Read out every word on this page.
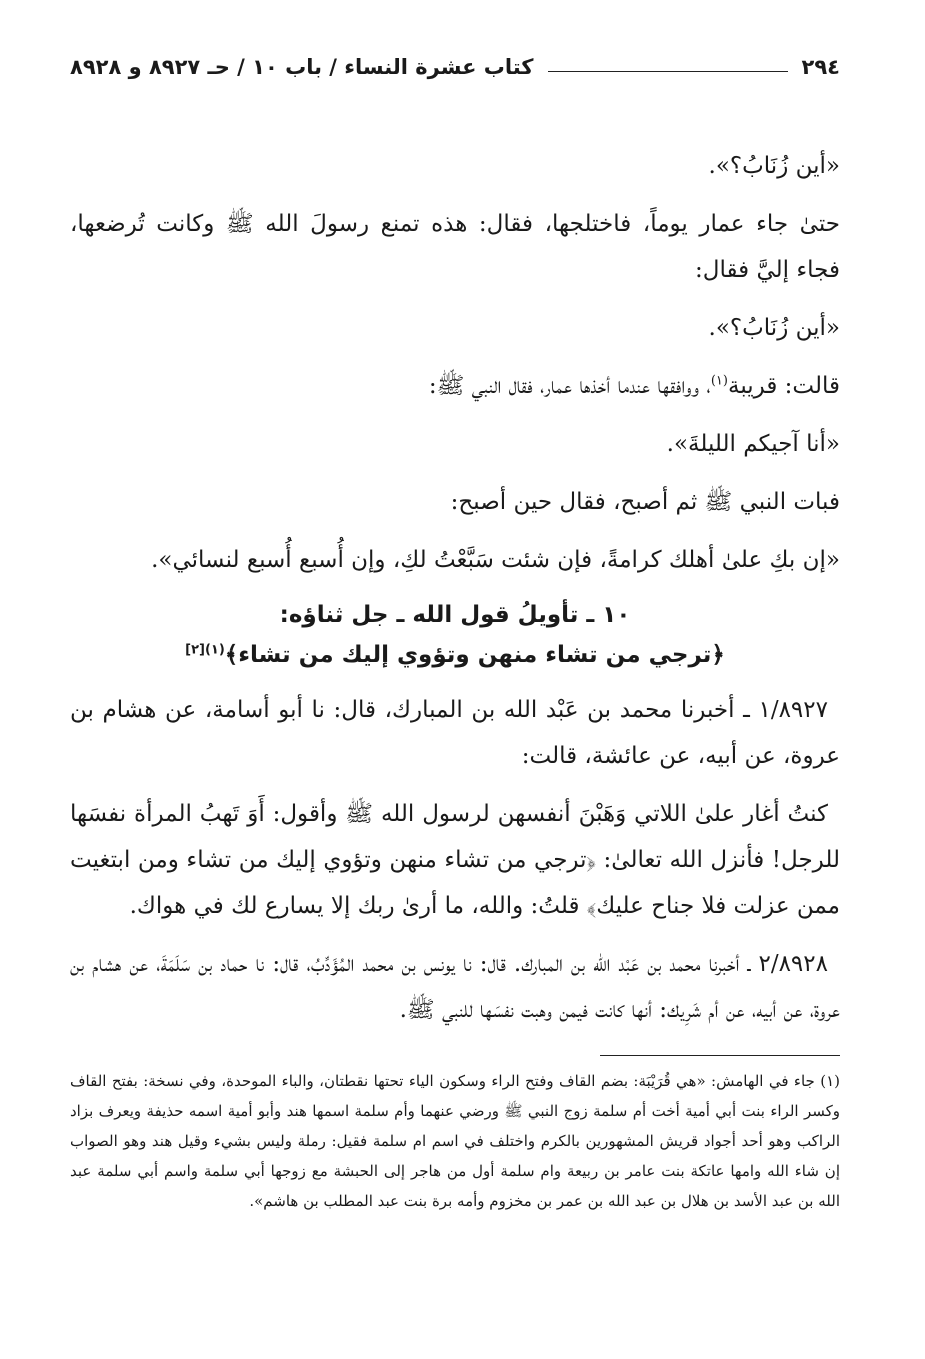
٢٩٤
كتاب عشرة النساء / باب ١٠ / حـ ٨٩٢٧ و ٨٩٢٨

«أين زُنَابُ؟».

حتىٰ جاء عمار يوماً، فاختلجها، فقال: هذه تمنع رسولَ الله ﷺ وكانت تُرضعها، فجاء إليَّ فقال:

«أين زُنَابُ؟».

قالت: قريبة$^{(١)}$، ووافقها عندما أخذها عمار، فقال النبي ﷺ:

«أنا آجيكم الليلةَ».

فبات النبي ﷺ ثم أصبح، فقال حين أصبح:

«إن بكِ علىٰ أهلك كرامةً، فإن شئت سَبَّعْتُ لكِ، وإن أُسبع أُسبع لنسائي».

١٠ ـ تأويلُ قول الله ـ جل ثناؤه:

﴿ترجي من تشاء منهن وتؤوي إليك من تشاء﴾$^{(١)[٢]}$

١/٨٩٢٧ ـ أخبرنا محمد بن عَبْد الله بن المبارك، قال: نا أبو أسامة، عن هشام بن عروة، عن أبيه، عن عائشة، قالت:

كنتُ أغار علىٰ اللاتي وَهَبْنَ أنفسهن لرسول الله ﷺ وأقول: أَوَ تَهبُ المرأة نفسَها للرجل! فأنزل الله تعالىٰ: ﴿ترجي من تشاء منهن وتؤوي إليك من تشاء ومن ابتغيت ممن عزلت فلا جناح عليك﴾ قلتُ: والله، ما أرىٰ ربك إلا يسارع لك في هواك.

٢/٨٩٢٨ ـ أخبرنا محمد بن عَبْد الله بن المبارك. قال: نا يونس بن محمد المُؤَدِّبُ، قال: نا حماد بن سَلَمَةَ، عن هشام بن عروة، عن أبيه، عن أم شَرِيك: أنها كانت فيمن وهبت نفسَها للنبي ﷺ.

(١) جاء في الهامش: «هي قُرَيْبَة: بضم القاف وفتح الراء وسكون الياء تحتها نقطتان، والباء الموحدة، وفي نسخة: بفتح القاف وكسر الراء بنت أبي أمية أخت أم سلمة زوج النبي ﷺ ورضي عنهما وأم سلمة اسمها هند وأبو أمية اسمه حذيفة ويعرف بزاد الراكب وهو أحد أجواد قريش المشهورين بالكرم واختلف في اسم ام سلمة فقيل: رملة وليس بشيء وقيل هند وهو الصواب إن شاء الله وامها عاتكة بنت عامر بن ربيعة وام سلمة أول من هاجر إلى الحبشة مع زوجها أبي سلمة واسم أبي سلمة عبد الله بن عبد الأسد بن هلال بن عبد الله بن عمر بن مخزوم وأمه برة بنت عبد المطلب بن هاشم».
